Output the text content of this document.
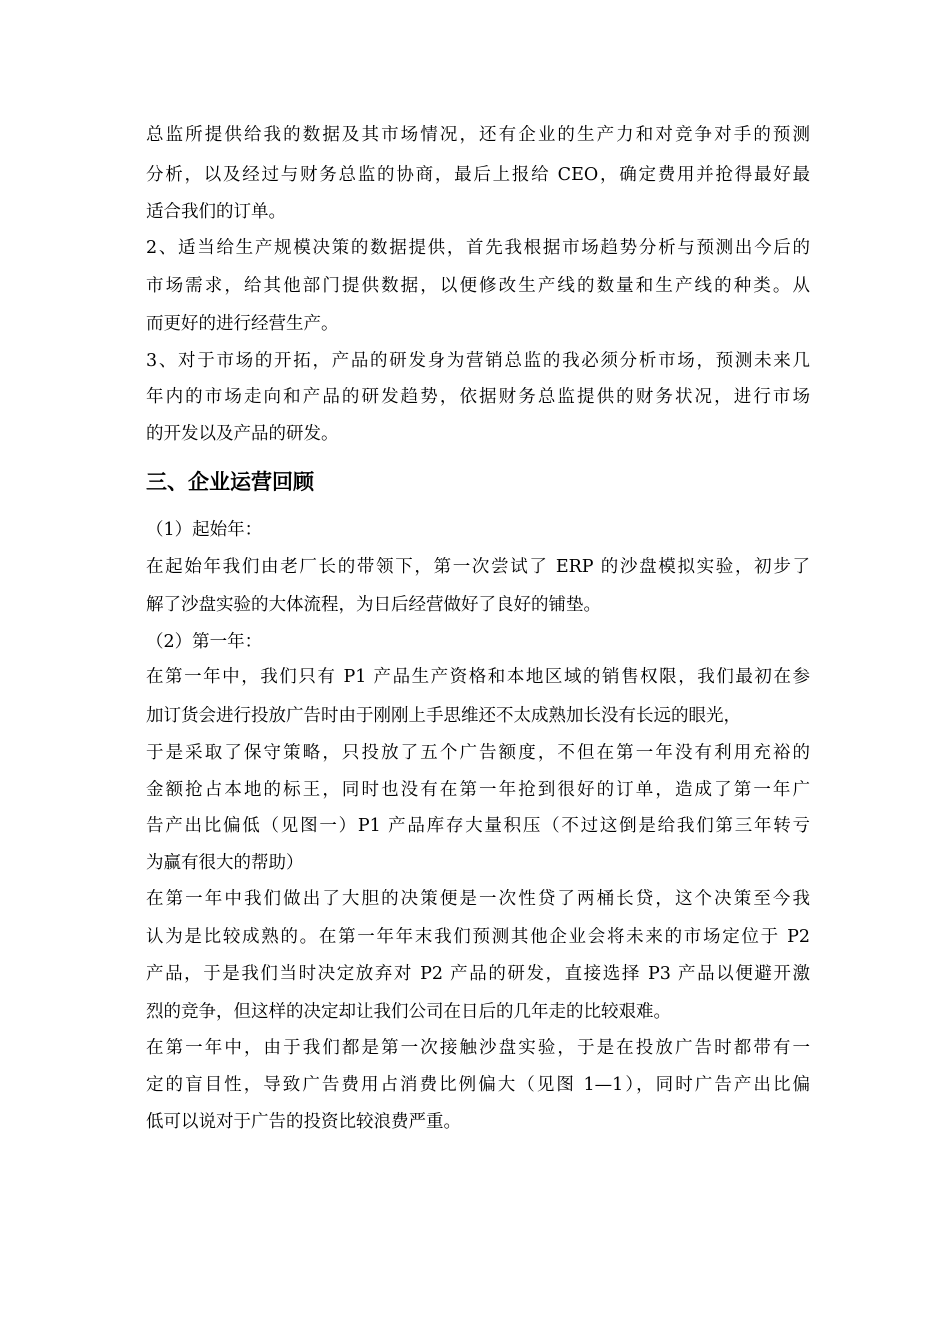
总监所提供给我的数据及其市场情况，还有企业的生产力和对竞争对手的预测
分析，以及经过与财务总监的协商，最后上报给 CEO，确定费用并抢得最好最
适合我们的订单。
2、适当给生产规模决策的数据提供，首先我根据市场趋势分析与预测出今后的
市场需求，给其他部门提供数据，以便修改生产线的数量和生产线的种类。从
而更好的进行经营生产。
3、对于市场的开拓，产品的研发身为营销总监的我必须分析市场，预测未来几
年内的市场走向和产品的研发趋势，依据财务总监提供的财务状况，进行市场
的开发以及产品的研发。
三、企业运营回顾
（1）起始年：
在起始年我们由老厂长的带领下，第一次尝试了 ERP 的沙盘模拟实验，初步了
解了沙盘实验的大体流程，为日后经营做好了良好的铺垫。
（2）第一年：
在第一年中，我们只有 P1 产品生产资格和本地区域的销售权限，我们最初在参
加订货会进行投放广告时由于刚刚上手思维还不太成熟加长没有长远的眼光，
于是采取了保守策略，只投放了五个广告额度，不但在第一年没有利用充裕的
金额抢占本地的标王，同时也没有在第一年抢到很好的订单，造成了第一年广
告产出比偏低（见图一）P1 产品库存大量积压（不过这倒是给我们第三年转亏
为赢有很大的帮助）
在第一年中我们做出了大胆的决策便是一次性贷了两桶长贷，这个决策至今我
认为是比较成熟的。在第一年年末我们预测其他企业会将未来的市场定位于 P2
产品，于是我们当时决定放弃对 P2 产品的研发，直接选择 P3 产品以便避开激
烈的竞争，但这样的决定却让我们公司在日后的几年走的比较艰难。
在第一年中，由于我们都是第一次接触沙盘实验，于是在投放广告时都带有一
定的盲目性，导致广告费用占消费比例偏大（见图 1—1），同时广告产出比偏
低可以说对于广告的投资比较浪费严重。
